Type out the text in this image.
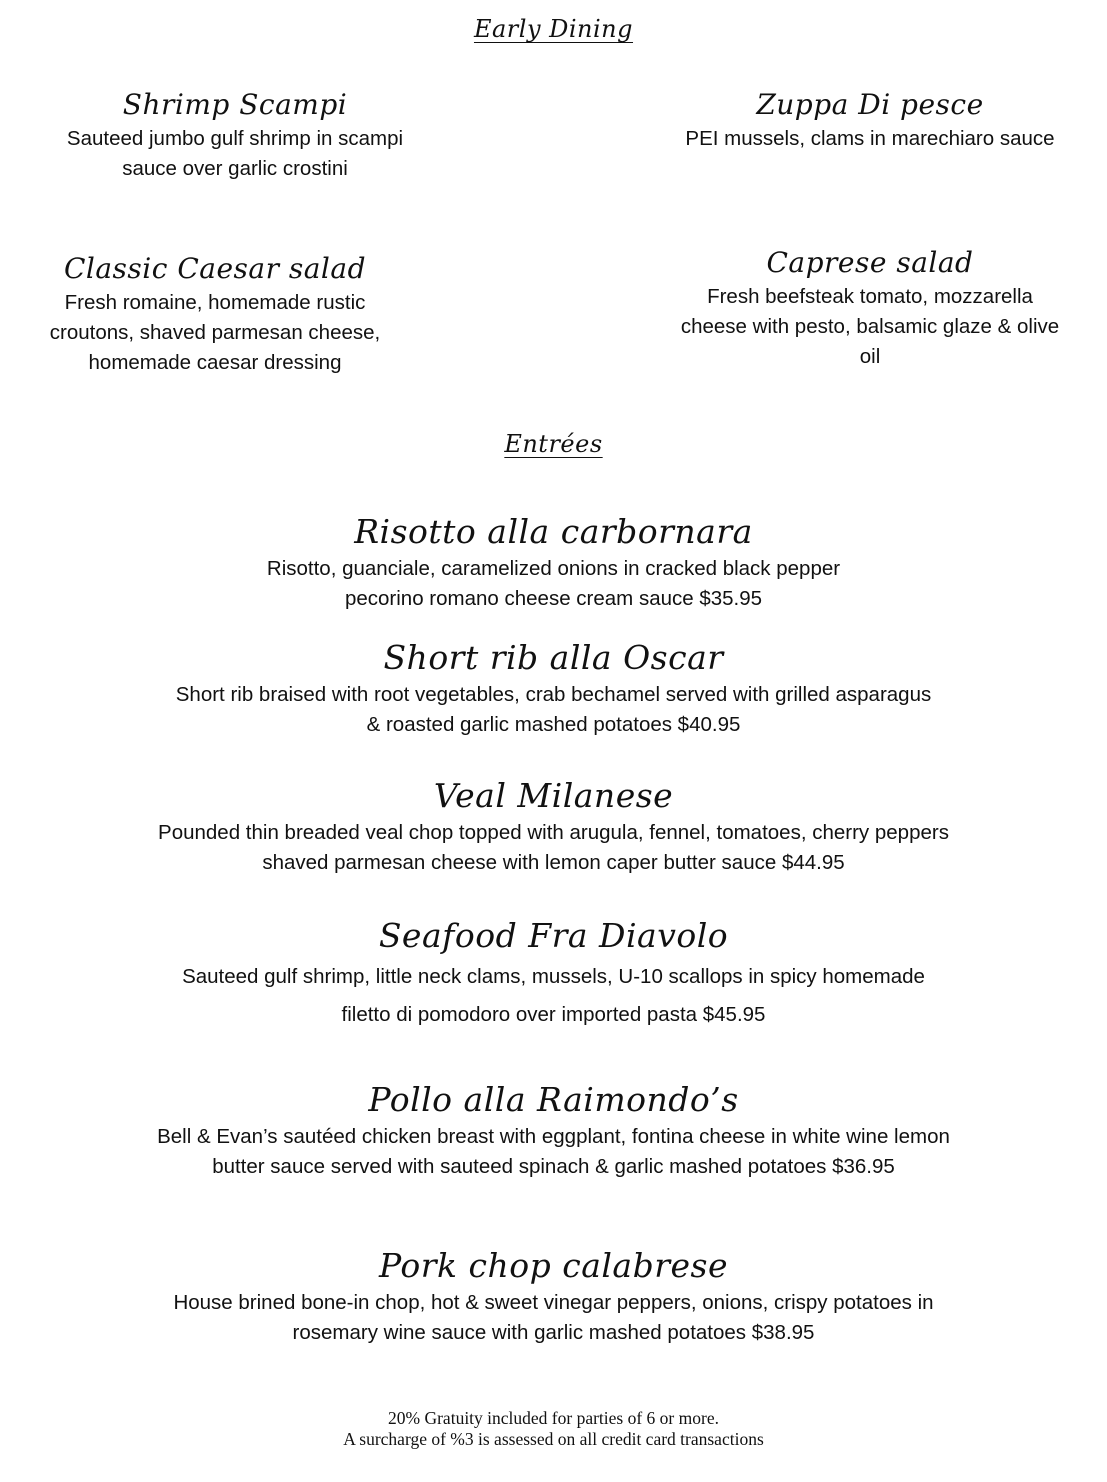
Early Dining
Shrimp Scampi

Sauteed jumbo gulf shrimp in scampi
sauce over garlic crostini

Zuppa Di pesce

PEI mussels, clams in marechiaro sauce

Classic Caesar salad

Fresh romaine, homemade rustic
croutons, shaved parmesan cheese,
homemade caesar dressing

Caprese salad

Fresh beefsteak tomato, mozzarella
cheese with pesto, balsamic glaze & olive
oil

Entrées
Risotto alla carbornara

Risotto, guanciale, caramelized onions in cracked black pepper
pecorino romano cheese cream sauce $35.95

Short rib alla Oscar

Short rib braised with root vegetables, crab bechamel served with grilled asparagus
& roasted garlic mashed potatoes $40.95

Veal Milanese

Pounded thin breaded veal chop topped with arugula, fennel, tomatoes, cherry peppers
shaved parmesan cheese with lemon caper butter sauce $44.95

Seafood Fra Diavolo

Sauteed gulf shrimp, little neck clams, mussels, U-10 scallops in spicy homemade
filetto di pomodoro over imported pasta $45.95

Pollo alla Raimondo’s

Bell & Evan’s sautéed chicken breast with eggplant, fontina cheese in white wine lemon
butter sauce served with sauteed spinach & garlic mashed potatoes $36.95

Pork chop calabrese

House brined bone-in chop, hot & sweet vinegar peppers, onions, crispy potatoes in
rosemary wine sauce with garlic mashed potatoes $38.95

20% Gratuity included for parties of 6 or more.
A surcharge of %3 is assessed on all credit card transactions
